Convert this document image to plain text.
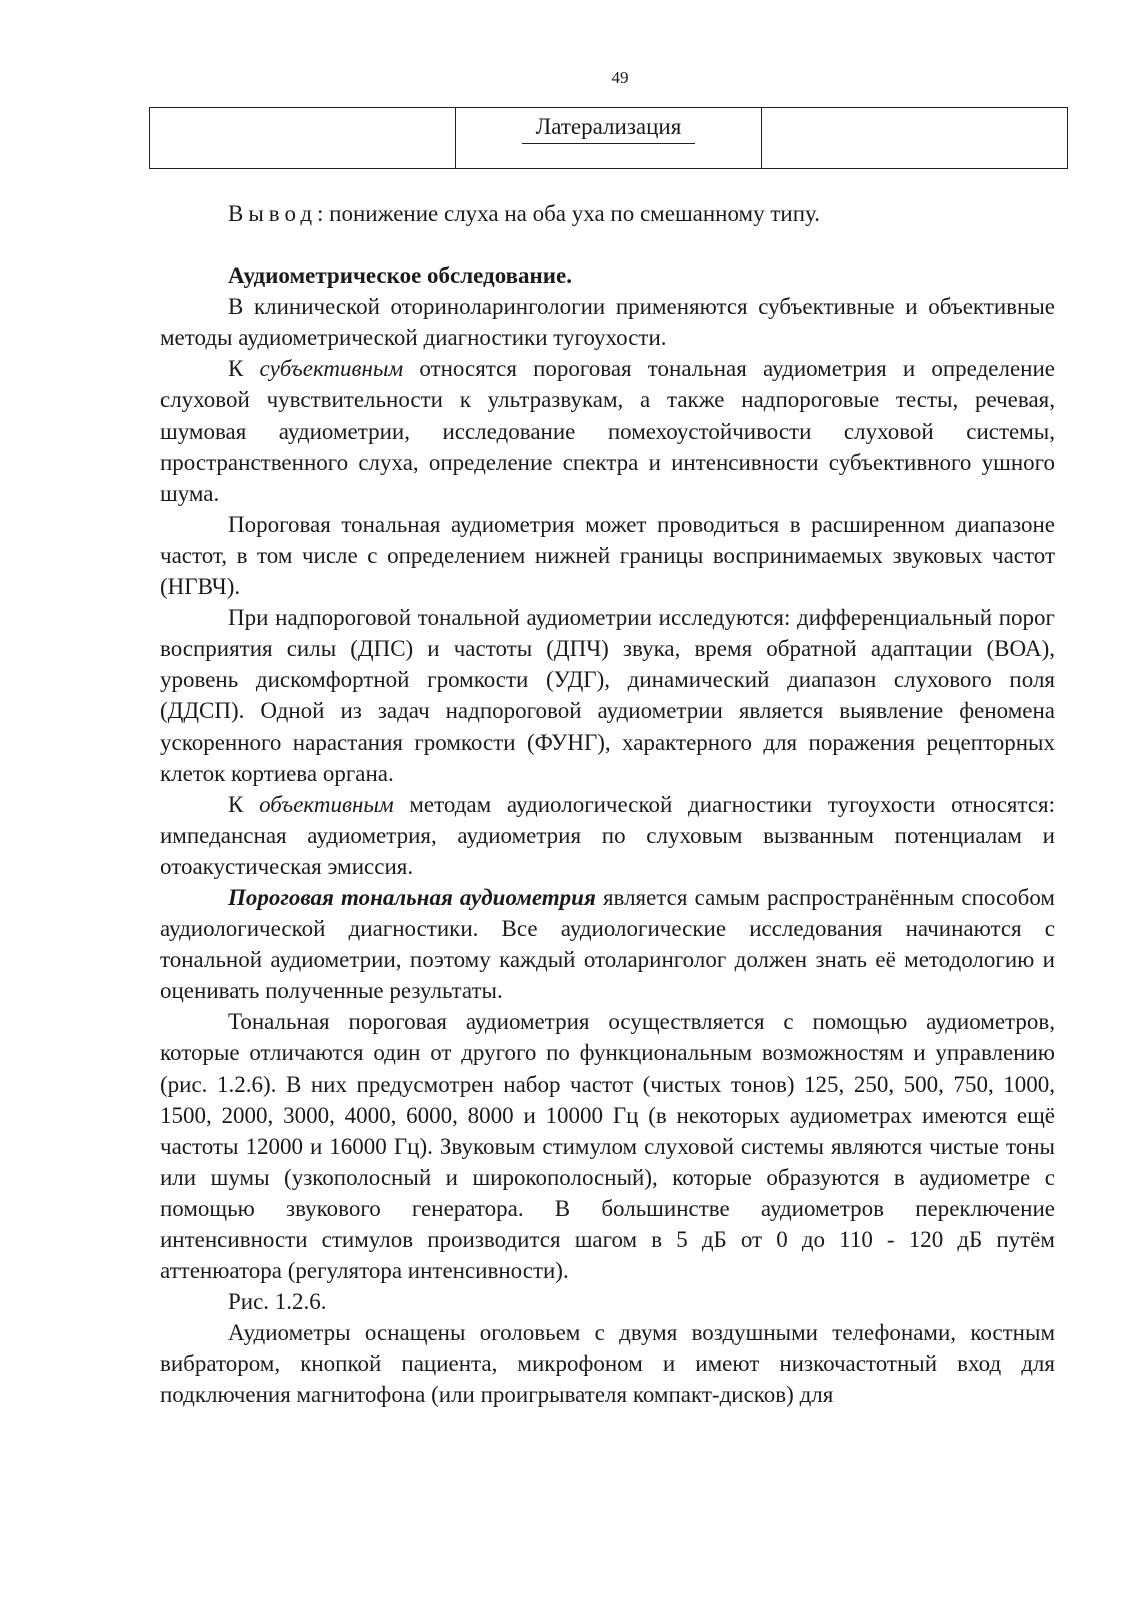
49
	Латерализация	

Вывод: понижение слуха на оба уха по смешанному типу.

Аудиометрическое обследование.

В клинической оториноларингологии применяются субъективные и объективные методы аудиометрической диагностики тугоухости.

К субъективным относятся пороговая тональная аудиометрия и определение слуховой чувствительности к ультразвукам, а также надпороговые тесты, речевая, шумовая аудиометрии, исследование помехоустойчивости слуховой системы, пространственного слуха, определение спектра и интенсивности субъективного ушного шума.

Пороговая тональная аудиометрия может проводиться в расширенном диапазоне частот, в том числе с определением нижней границы воспринимаемых звуковых частот (НГВЧ).

При надпороговой тональной аудиометрии исследуются: дифференциальный порог восприятия силы (ДПС) и частоты (ДПЧ) звука, время обратной адаптации (ВОА), уровень дискомфортной громкости (УДГ), динамический диапазон слухового поля (ДДСП). Одной из задач надпороговой аудиометрии является выявление феномена ускоренного нарастания громкости (ФУНГ), характерного для поражения рецепторных клеток кортиева органа.

К объективным методам аудиологической диагностики тугоухости относятся: импедансная аудиометрия, аудиометрия по слуховым вызванным потенциалам и отоакустическая эмиссия.

Пороговая тональная аудиометрия является самым распространённым способом аудиологической диагностики. Все аудиологические исследования начинаются с тональной аудиометрии, поэтому каждый отоларинголог должен знать её методологию и оценивать полученные результаты.

Тональная пороговая аудиометрия осуществляется с помощью аудиометров, которые отличаются один от другого по функциональным возможностям и управлению (рис. 1.2.6). В них предусмотрен набор частот (чистых тонов) 125, 250, 500, 750, 1000, 1500, 2000, 3000, 4000, 6000, 8000 и 10000 Гц (в некоторых аудиометрах имеются ещё частоты 12000 и 16000 Гц). Звуковым стимулом слуховой системы являются чистые тоны или шумы (узкополосный и широкополосный), которые образуются в аудиометре с помощью звукового генератора. В большинстве аудиометров переключение интенсивности стимулов производится шагом в 5 дБ от 0 до 110 - 120 дБ путём аттенюатора (регулятора интенсивности).

Рис. 1.2.6.

Аудиометры оснащены оголовьем с двумя воздушными телефонами, костным вибратором, кнопкой пациента, микрофоном и имеют низкочастотный вход для подключения магнитофона (или проигрывателя компакт-дисков) для
